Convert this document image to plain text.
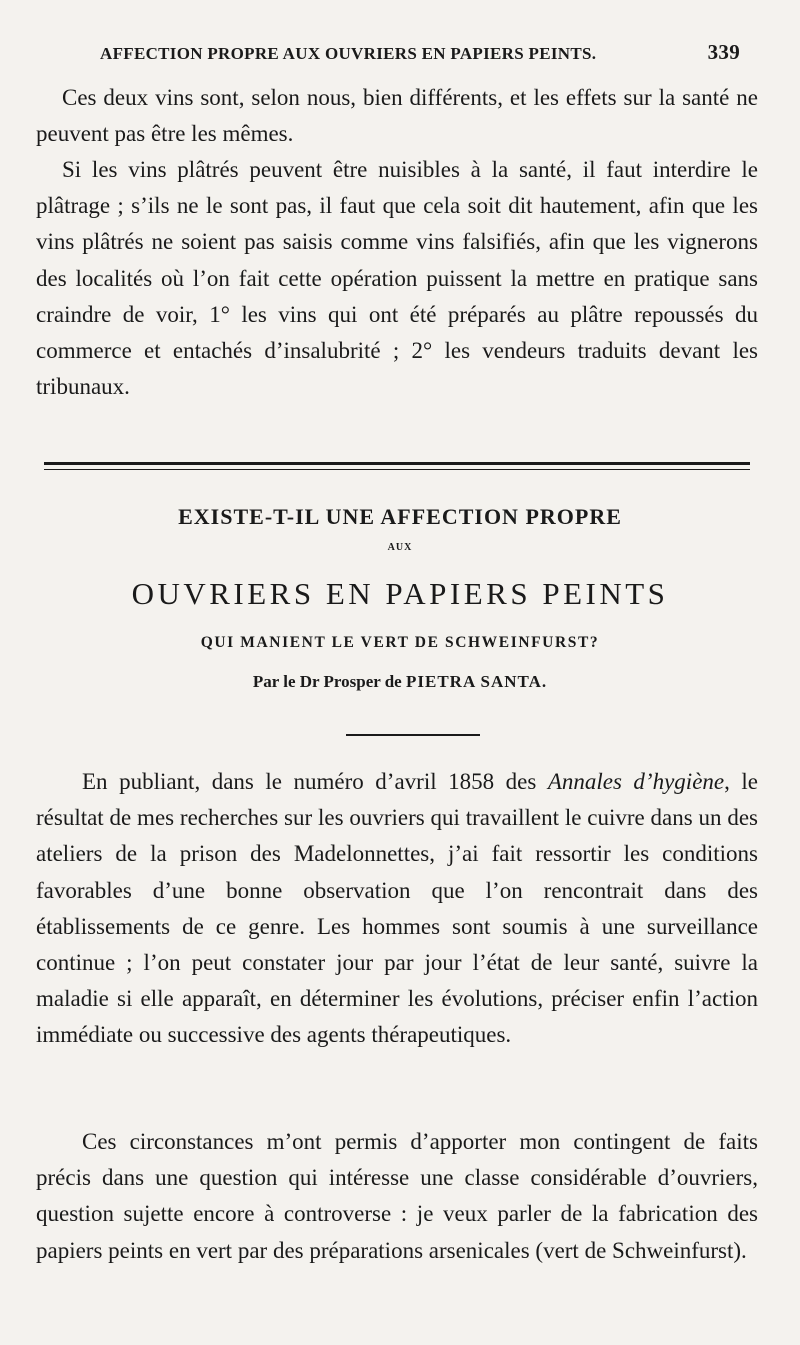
AFFECTION PROPRE AUX OUVRIERS EN PAPIERS PEINTS.	339

Ces deux vins sont, selon nous, bien différents, et les effets sur la santé ne peuvent pas être les mêmes.

Si les vins plâtrés peuvent être nuisibles à la santé, il faut interdire le plâtrage ; s’ils ne le sont pas, il faut que cela soit dit hautement, afin que les vins plâtrés ne soient pas saisis comme vins falsifiés, afin que les vignerons des localités où l’on fait cette opération puissent la mettre en pratique sans craindre de voir, 1° les vins qui ont été préparés au plâtre repoussés du commerce et entachés d’insalubrité ; 2° les vendeurs traduits devant les tribunaux.

EXISTE-T-IL UNE AFFECTION PROPRE
AUX
OUVRIERS EN PAPIERS PEINTS
QUI MANIENT LE VERT DE SCHWEINFURST?
Par le Dr Prosper de PIETRA SANTA.

En publiant, dans le numéro d’avril 1858 des Annales d’hygiène, le résultat de mes recherches sur les ouvriers qui travaillent le cuivre dans un des ateliers de la prison des Madelonnettes, j’ai fait ressortir les conditions favorables d’une bonne observation que l’on rencontrait dans des établissements de ce genre. Les hommes sont soumis à une surveillance continue ; l’on peut constater jour par jour l’état de leur santé, suivre la maladie si elle apparaît, en déterminer les évolutions, préciser enfin l’action immédiate ou successive des agents thérapeutiques.

Ces circonstances m’ont permis d’apporter mon contingent de faits précis dans une question qui intéresse une classe considérable d’ouvriers, question sujette encore à controverse : je veux parler de la fabrication des papiers peints en vert par des préparations arsenicales (vert de Schweinfurst).
